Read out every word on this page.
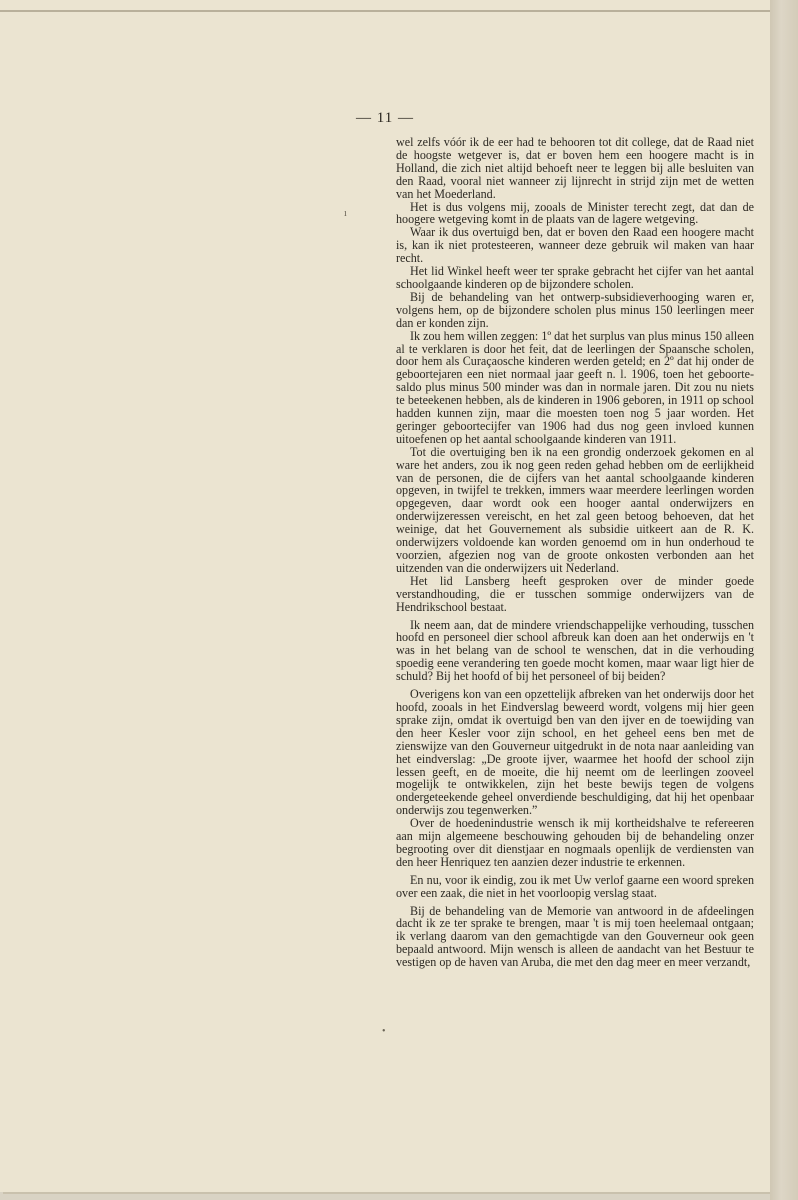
— 11 —
ı
•

wel zelfs vóór ik de eer had te behooren tot dit college, dat de Raad niet de hoogste wetgever is, dat er boven hem een hoogere macht is in Holland, die zich niet altijd behoeft neer te leggen bij alle besluiten van den Raad, vooral niet wanneer zij lijnrecht in strijd zijn met de wetten van het Moederland.

Het is dus volgens mij, zooals de Minister terecht zegt, dat dan de hoogere wetgeving komt in de plaats van de lagere wetgeving.

Waar ik dus overtuigd ben, dat er boven den Raad een hoogere macht is, kan ik niet protesteeren, wanneer deze gebruik wil maken van haar recht.

Het lid Winkel heeft weer ter sprake gebracht het cijfer van het aantal schoolgaande kinderen op de bijzondere scholen.

Bij de behandeling van het ontwerp-subsidieverhooging waren er, volgens hem, op de bijzondere scholen plus minus 150 leerlingen meer dan er konden zijn.

Ik zou hem willen zeggen: 1º dat het surplus van plus minus 150 alleen al te verklaren is door het feit, dat de leerlingen der Spaansche scholen, door hem als Curaçaosche kinderen werden geteld; en 2º dat hij onder de geboortejaren een niet normaal jaar geeft n. l. 1906, toen het geboorte-saldo plus minus 500 minder was dan in normale jaren. Dit zou nu niets te beteekenen hebben, als de kinderen in 1906 geboren, in 1911 op school hadden kunnen zijn, maar die moesten toen nog 5 jaar worden. Het geringer geboortecijfer van 1906 had dus nog geen invloed kunnen uitoefenen op het aantal schoolgaande kinderen van 1911.

Tot die overtuiging ben ik na een grondig onderzoek gekomen en al ware het anders, zou ik nog geen reden gehad hebben om de eerlijkheid van de personen, die de cijfers van het aantal schoolgaande kinderen opgeven, in twijfel te trekken, immers waar meerdere leerlingen worden opgegeven, daar wordt ook een hooger aantal onderwijzers en onderwijzeressen vereischt, en het zal geen betoog behoeven, dat het weinige, dat het Gouvernement als subsidie uitkeert aan de R. K. onderwijzers voldoende kan worden genoemd om in hun onderhoud te voorzien, afgezien nog van de groote onkosten verbonden aan het uitzenden van die onderwijzers uit Nederland.

Het lid Lansberg heeft gesproken over de minder goede verstandhouding, die er tusschen sommige onderwijzers van de Hendrikschool bestaat.

Ik neem aan, dat de mindere vriendschappelijke verhouding, tusschen hoofd en personeel dier school afbreuk kan doen aan het onderwijs en 't was in het belang van de school te wenschen, dat in die verhouding spoedig eene verandering ten goede mocht komen, maar waar ligt hier de schuld? Bij het hoofd of bij het personeel of bij beiden?

Overigens kon van een opzettelijk afbreken van het onderwijs door het hoofd, zooals in het Eindverslag beweerd wordt, volgens mij hier geen sprake zijn, omdat ik overtuigd ben van den ijver en de toewijding van den heer Kesler voor zijn school, en het geheel eens ben met de zienswijze van den Gouverneur uitgedrukt in de nota naar aanleiding van het eindverslag: „De groote ijver, waarmee het hoofd der school zijn lessen geeft, en de moeite, die hij neemt om de leerlingen zooveel mogelijk te ontwikkelen, zijn het beste bewijs tegen de volgens ondergeteekende geheel onverdiende beschuldiging, dat hij het openbaar onderwijs zou tegenwerken.”

Over de hoedenindustrie wensch ik mij kortheidshalve te refereeren aan mijn algemeene beschouwing gehouden bij de behandeling onzer begrooting over dit dienstjaar en nogmaals openlijk de verdiensten van den heer Henriquez ten aanzien dezer industrie te erkennen.

En nu, voor ik eindig, zou ik met Uw verlof gaarne een woord spreken over een zaak, die niet in het voorloopig verslag staat.

Bij de behandeling van de Memorie van antwoord in de afdeelingen dacht ik ze ter sprake te brengen, maar 't is mij toen heelemaal ontgaan; ik verlang daarom van den gemachtigde van den Gouverneur ook geen bepaald antwoord. Mijn wensch is alleen de aandacht van het Bestuur te vestigen op de haven van Aruba, die met den dag meer en meer verzandt,
